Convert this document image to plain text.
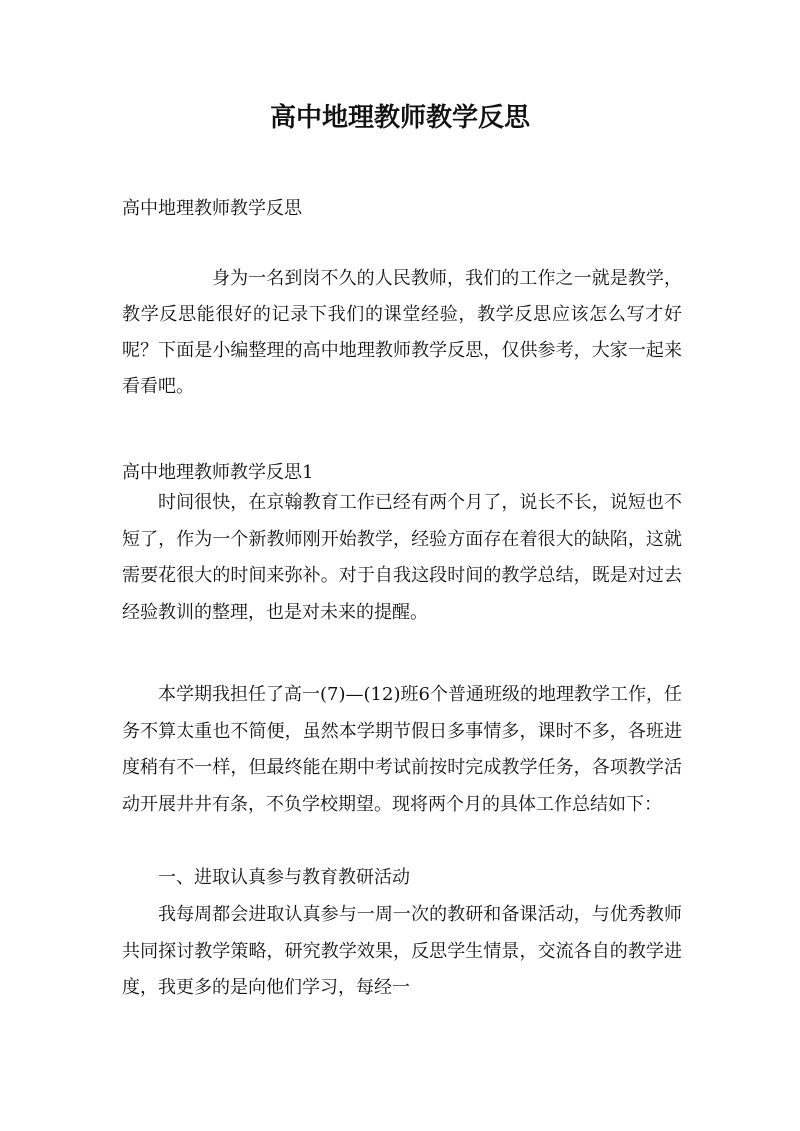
高中地理教师教学反思

高中地理教师教学反思

身为一名到岗不久的人民教师，我们的工作之一就是教学，教学反思能很好的记录下我们的课堂经验，教学反思应该怎么写才好呢？下面是小编整理的高中地理教师教学反思，仅供参考，大家一起来看看吧。

高中地理教师教学反思1

时间很快，在京翰教育工作已经有两个月了，说长不长，说短也不短了，作为一个新教师刚开始教学，经验方面存在着很大的缺陷，这就需要花很大的时间来弥补。对于自我这段时间的教学总结，既是对过去经验教训的整理，也是对未来的提醒。

本学期我担任了高一(7)—(12)班6个普通班级的地理教学工作，任务不算太重也不简便，虽然本学期节假日多事情多，课时不多，各班进度稍有不一样，但最终能在期中考试前按时完成教学任务，各项教学活动开展井井有条，不负学校期望。现将两个月的具体工作总结如下：

一、进取认真参与教育教研活动

我每周都会进取认真参与一周一次的教研和备课活动，与优秀教师共同探讨教学策略，研究教学效果，反思学生情景，交流各自的教学进度，我更多的是向他们学习，每经一
